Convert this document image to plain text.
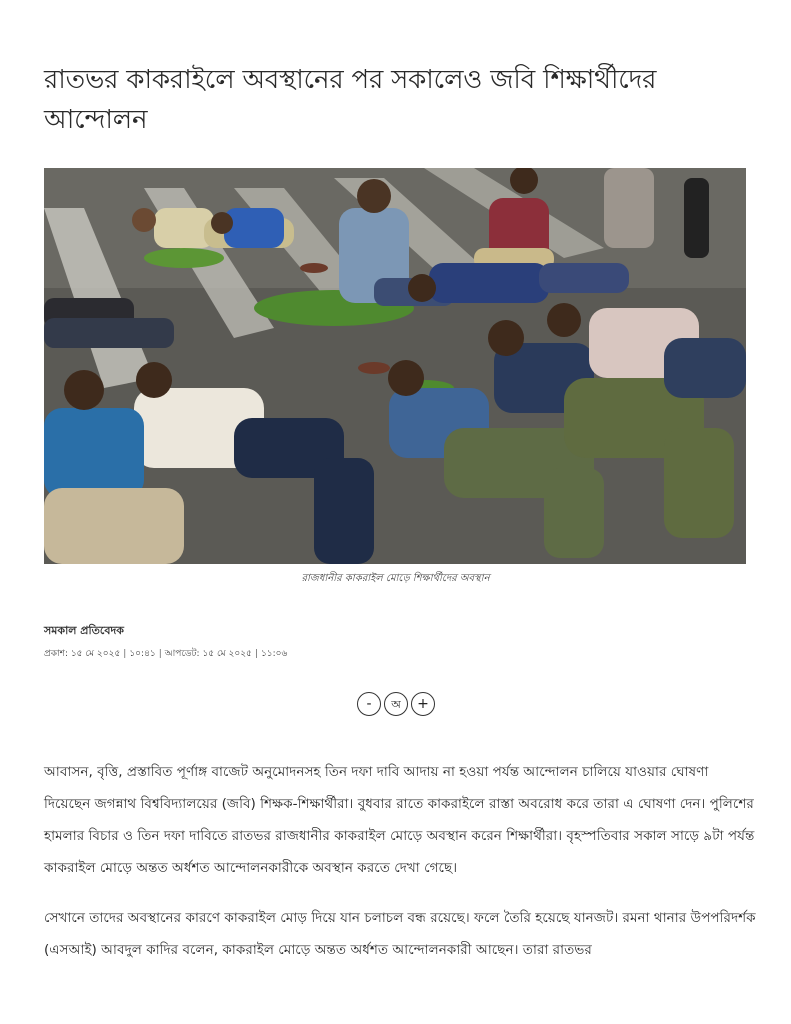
রাতভর কাকরাইলে অবস্থানের পর সকালেও জবি শিক্ষার্থীদের আন্দোলন
রাজধানীর কাকরাইল মোড়ে শিক্ষার্থীদের অবস্থান
সমকাল প্রতিবেদক
প্রকাশ: ১৫ মে ২০২৫ | ১০:৪১ | আপডেট: ১৫ মে ২০২৫ | ১১:০৬
-	অ	+

আবাসন, বৃত্তি, প্রস্তাবিত পূর্ণাঙ্গ বাজেট অনুমোদনসহ তিন দফা দাবি আদায় না হওয়া পর্যন্ত আন্দোলন চালিয়ে যাওয়ার ঘোষণা দিয়েছেন জগন্নাথ বিশ্ববিদ্যালয়ের (জবি) শিক্ষক-শিক্ষার্থীরা। বুধবার রাতে কাকরাইলে রাস্তা অবরোধ করে তারা এ ঘোষণা দেন। পুলিশের হামলার বিচার ও তিন দফা দাবিতে রাতভর রাজধানীর কাকরাইল মোড়ে অবস্থান করেন শিক্ষার্থীরা। বৃহস্পতিবার সকাল সাড়ে ৯টা পর্যন্ত কাকরাইল মোড়ে অন্তত অর্ধশত আন্দোলনকারীকে অবস্থান করতে দেখা গেছে।

সেখানে তাদের অবস্থানের কারণে কাকরাইল মোড় দিয়ে যান চলাচল বন্ধ রয়েছে। ফলে তৈরি হয়েছে যানজট। রমনা থানার উপপরিদর্শক (এসআই) আবদুল কাদির বলেন, কাকরাইল মোড়ে অন্তত অর্ধশত আন্দোলনকারী আছেন। তারা রাতভর
